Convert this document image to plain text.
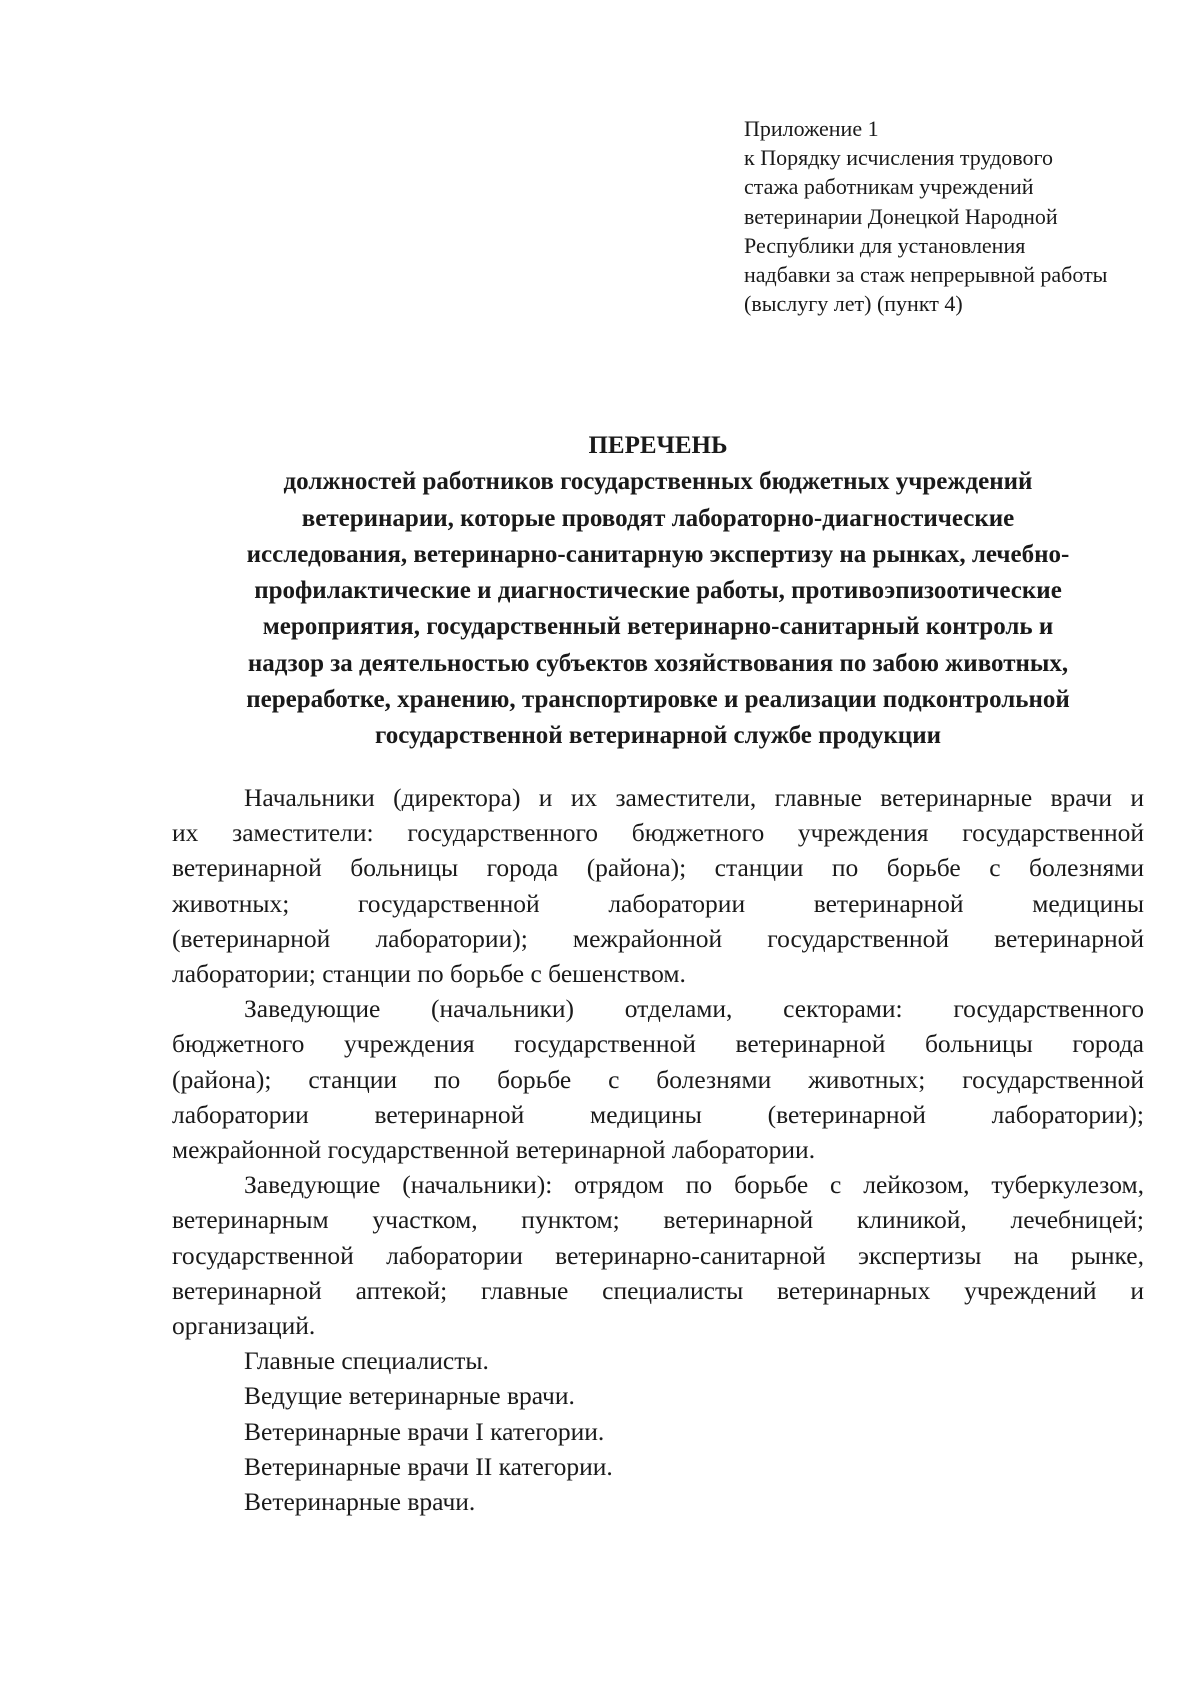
Приложение 1
к Порядку исчисления трудового
стажа работникам учреждений
ветеринарии Донецкой Народной
Республики для установления
надбавки за стаж непрерывной работы
(выслугу лет) (пункт 4)
ПЕРЕЧЕНЬ
должностей работников государственных бюджетных учреждений
ветеринарии, которые проводят лабораторно-диагностические
исследования, ветеринарно-санитарную экспертизу на рынках, лечебно-
профилактические и диагностические работы, противоэпизоотические
мероприятия, государственный ветеринарно-санитарный контроль и
надзор за деятельностью субъектов хозяйствования по забою животных,
переработке, хранению, транспортировке и реализации подконтрольной
государственной ветеринарной службе продукции
Начальники (директора) и их заместители, главные ветеринарные врачи и
их заместители: государственного бюджетного учреждения государственной
ветеринарной больницы города (района); станции по борьбе с болезнями
животных; государственной лаборатории ветеринарной медицины
(ветеринарной лаборатории); межрайонной государственной ветеринарной
лаборатории; станции по борьбе с бешенством.
Заведующие (начальники) отделами, секторами: государственного
бюджетного учреждения государственной ветеринарной больницы города
(района); станции по борьбе с болезнями животных; государственной
лаборатории ветеринарной медицины (ветеринарной лаборатории);
межрайонной государственной ветеринарной лаборатории.
Заведующие (начальники): отрядом по борьбе с лейкозом, туберкулезом,
ветеринарным участком, пунктом; ветеринарной клиникой, лечебницей;
государственной лаборатории ветеринарно-санитарной экспертизы на рынке,
ветеринарной аптекой; главные специалисты ветеринарных учреждений и
организаций.

Главные специалисты.

Ведущие ветеринарные врачи.

Ветеринарные врачи I категории.

Ветеринарные врачи II категории.

Ветеринарные врачи.
